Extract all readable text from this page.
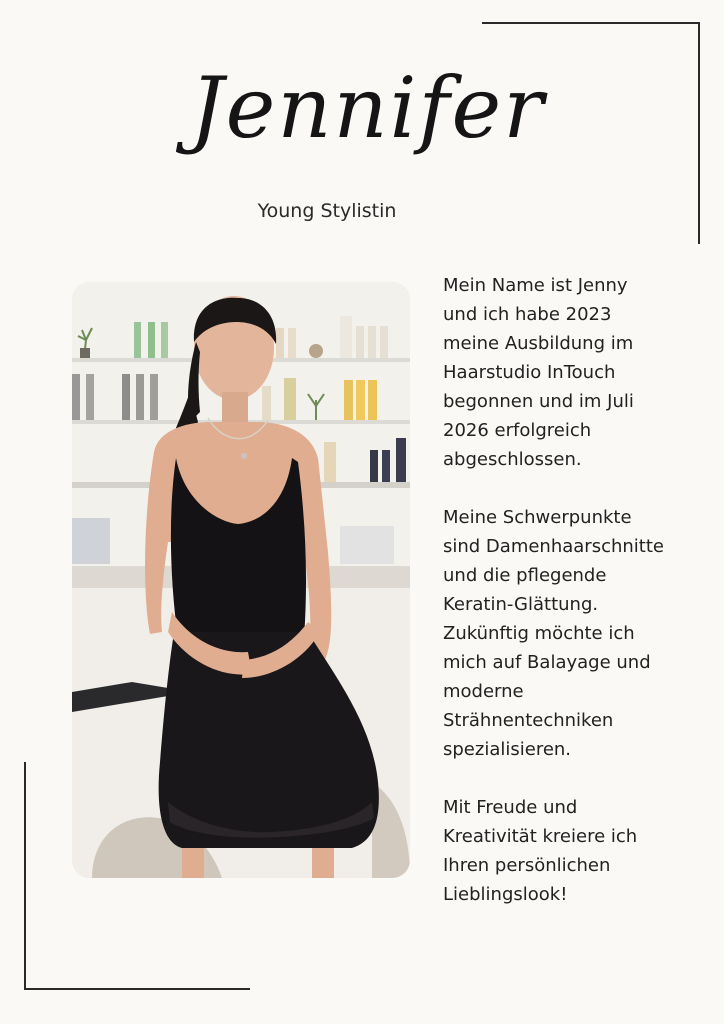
Jennifer
Young Stylistin

Mein Name ist Jenny
und ich habe 2023
meine Ausbildung im
Haarstudio InTouch
begonnen und im Juli
2026 erfolgreich
abgeschlossen.

Meine Schwerpunkte
sind Damenhaarschnitte
und die pflegende
Keratin-Glättung.
Zukünftig möchte ich
mich auf Balayage und
moderne
Strähnentechniken
spezialisieren.

Mit Freude und
Kreativität kreiere ich
Ihren persönlichen
Lieblingslook!
